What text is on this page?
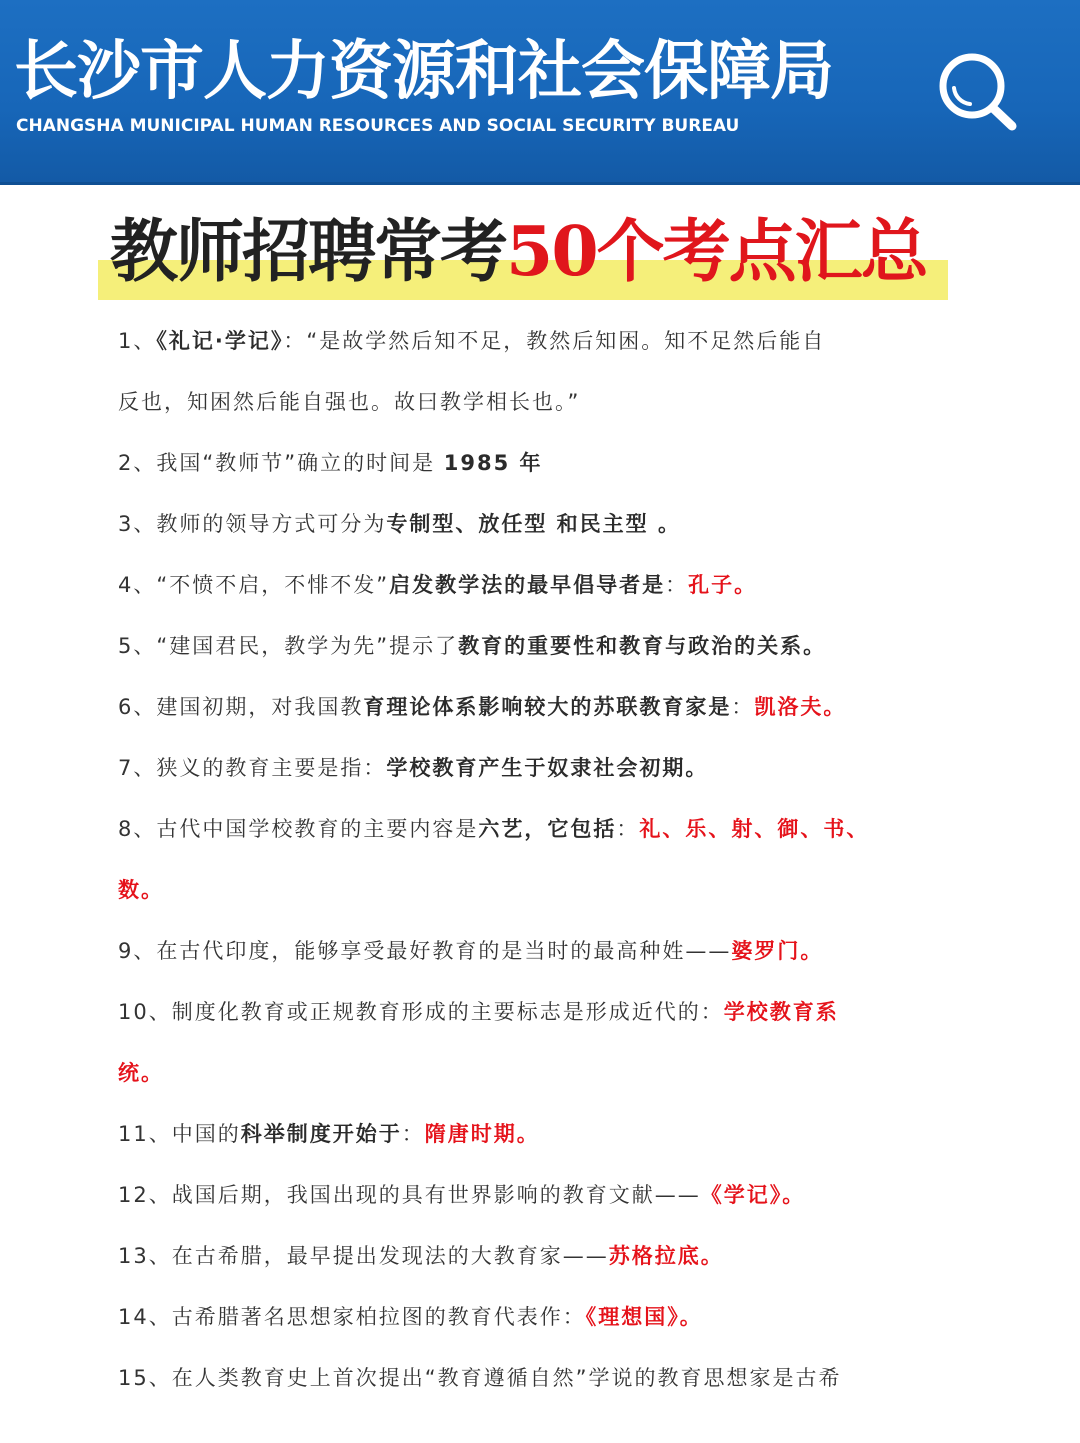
长沙市人力资源和社会保障局
CHANGSHA MUNICIPAL HUMAN RESOURCES AND SOCIAL SECURITY BUREAU
教师招聘常考50个考点汇总
1、《礼记·学记》：“是故学然后知不足，教然后知困。知不足然后能自
反也，知困然后能自强也。故曰教学相长也。”
2、我国“教师节”确立的时间是 1985 年
3、教师的领导方式可分为专制型、放任型 和民主型 。
4、“不愤不启，不悱不发”启发教学法的最早倡导者是：孔子。
5、“建国君民，教学为先”提示了教育的重要性和教育与政治的关系。
6、建国初期，对我国教育理论体系影响较大的苏联教育家是：凯洛夫。
7、狭义的教育主要是指：学校教育产生于奴隶社会初期。
8、古代中国学校教育的主要内容是六艺，它包括：礼、乐、射、御、书、
数。
9、在古代印度，能够享受最好教育的是当时的最高种姓——婆罗门。
10、制度化教育或正规教育形成的主要标志是形成近代的：学校教育系
统。
11、中国的科举制度开始于：隋唐时期。
12、战国后期，我国出现的具有世界影响的教育文献——《学记》。
13、在古希腊，最早提出发现法的大教育家——苏格拉底。
14、古希腊著名思想家柏拉图的教育代表作：《理想国》。
15、在人类教育史上首次提出“教育遵循自然”学说的教育思想家是古希
